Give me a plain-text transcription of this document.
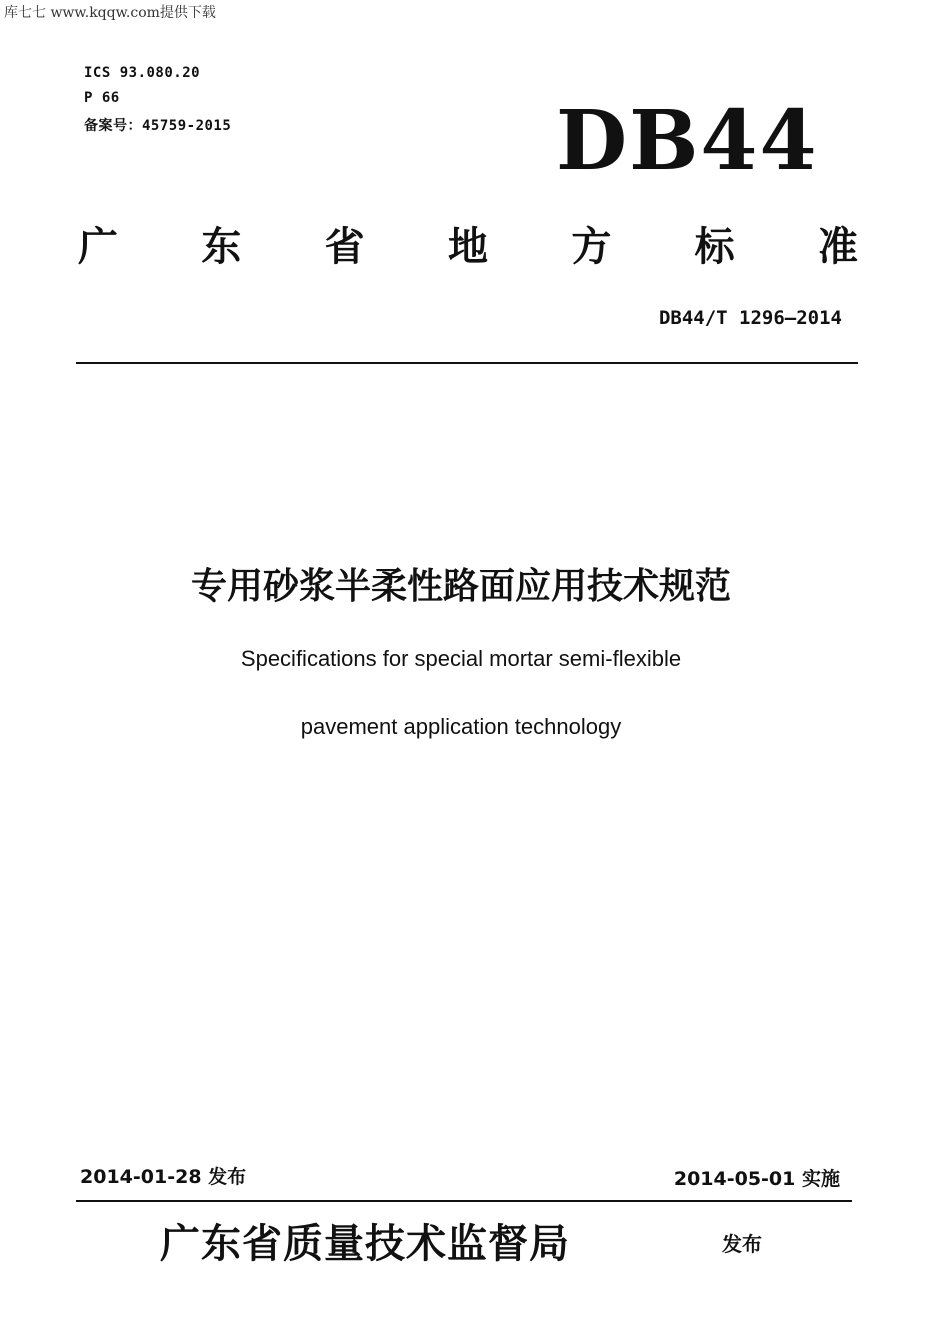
库七七 www.kqqw.com提供下载
ICS 93.080.20
P 66
备案号：45759-2015	DB44
广 东 省 地 方 标 准
DB44/T 1296—2014
专用砂浆半柔性路面应用技术规范
Specifications for special mortar semi-flexible
pavement application technology
2014-01-28 发布	2014-05-01 实施
广东省质量技术监督局	发布
